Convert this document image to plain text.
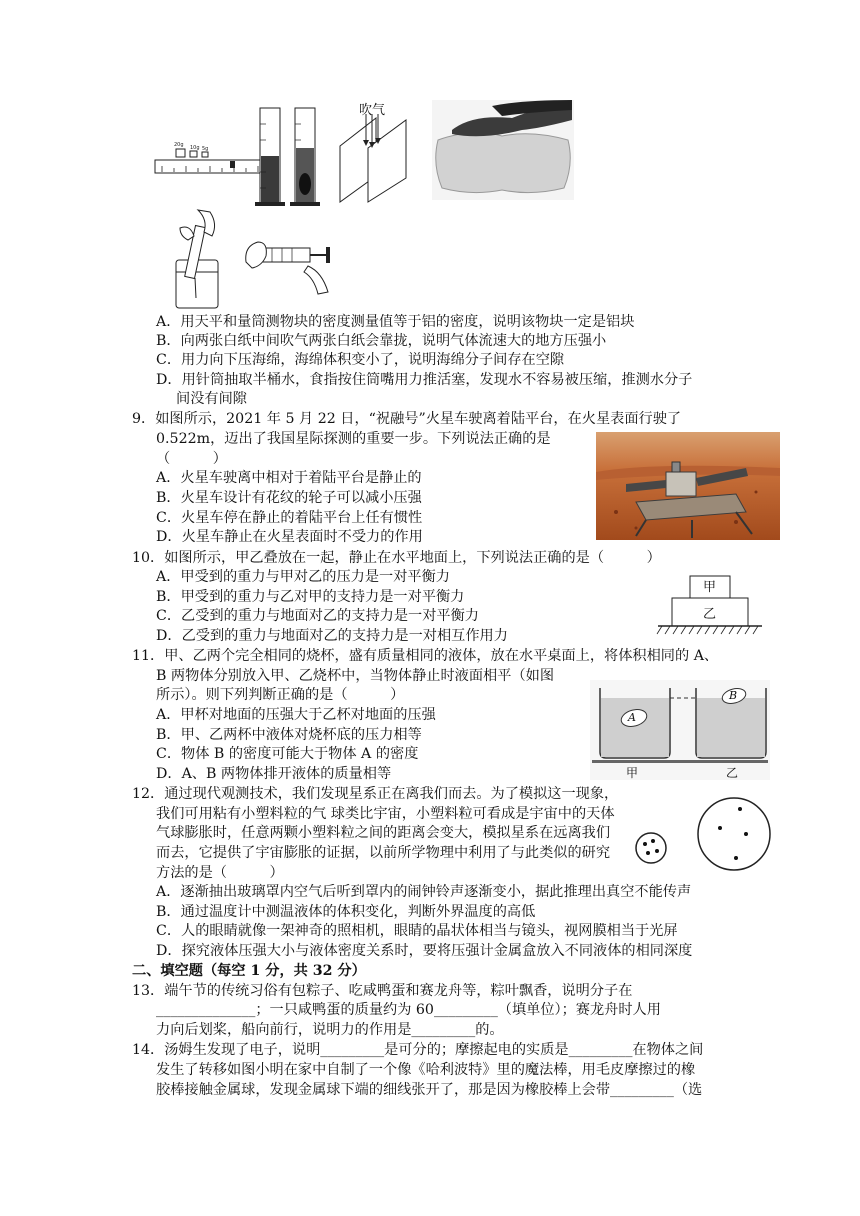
20g 10g 5g
吹气
A．用天平和量筒测物块的密度测量值等于铝的密度，说明该物块一定是铝块
B．向两张白纸中间吹气两张白纸会靠拢，说明气体流速大的地方压强小
C．用力向下压海绵，海绵体积变小了，说明海绵分子间存在空隙
D．用针筒抽取半桶水，食指按住筒嘴用力推活塞，发现水不容易被压缩，推测水分子
间没有间隙
9．如图所示，2021 年 5 月 22 日，“祝融号”火星车驶离着陆平台，在火星表面行驶了
0.522m，迈出了我国星际探测的重要一步。下列说法正确的是
（　　　）
A．火星车驶离中相对于着陆平台是静止的
B．火星车设计有花纹的轮子可以减小压强
C．火星车停在静止的着陆平台上任有惯性
D．火星车静止在火星表面时不受力的作用
10．如图所示，甲乙叠放在一起，静止在水平地面上，下列说法正确的是（　　　）
A．甲受到的重力与甲对乙的压力是一对平衡力
B．甲受到的重力与乙对甲的支持力是一对平衡力
C．乙受到的重力与地面对乙的支持力是一对平衡力
D．乙受到的重力与地面对乙的支持力是一对相互作用力
甲
乙
11．甲、乙两个完全相同的烧杯，盛有质量相同的液体，放在水平桌面上，将体积相同的 A、
B 两物体分别放入甲、乙烧杯中，当物体静止时液面相平（如图
所示）。则下列判断正确的是（　　　）
A．甲杯对地面的压强大于乙杯对地面的压强
B．甲、乙两杯中液体对烧杯底的压力相等
C．物体 B 的密度可能大于物体 A 的密度
D．A、B 两物体排开液体的质量相等
A
B
甲	乙
12．通过现代观测技术，我们发现星系正在离我们而去。为了模拟这一现象，
我们可用粘有小塑料粒的气 球类比宇宙，小塑料粒可看成是宇宙中的天体
气球膨胀时，任意两颗小塑料粒之间的距离会变大，模拟星系在远离我们
而去，它提供了宇宙膨胀的证据，以前所学物理中利用了与此类似的研究
方法的是（　　　）
A．逐渐抽出玻璃罩内空气后听到罩内的闹钟铃声逐渐变小，据此推理出真空不能传声
B．通过温度计中测温液体的体积变化，判断外界温度的高低
C．人的眼睛就像一架神奇的照相机，眼睛的晶状体相当与镜头，视网膜相当于光屏
D．探究液体压强大小与液体密度关系时，要将压强计金属盒放入不同液体的相同深度
二、填空题（每空 1 分，共 32 分）
13．端午节的传统习俗有包粽子、吃咸鸭蛋和赛龙舟等，粽叶飘香，说明分子在
______________；一只咸鸭蛋的质量约为 60_________（填单位）；赛龙舟时人用
力向后划桨，船向前行，说明力的作用是_________的。
14．汤姆生发现了电子，说明_________是可分的；摩擦起电的实质是_________在物体之间
发生了转移如图小明在家中自制了一个像《哈利波特》里的魔法棒，用毛皮摩擦过的橡
胶棒接触金属球，发现金属球下端的细线张开了，那是因为橡胶棒上会带_________（选
